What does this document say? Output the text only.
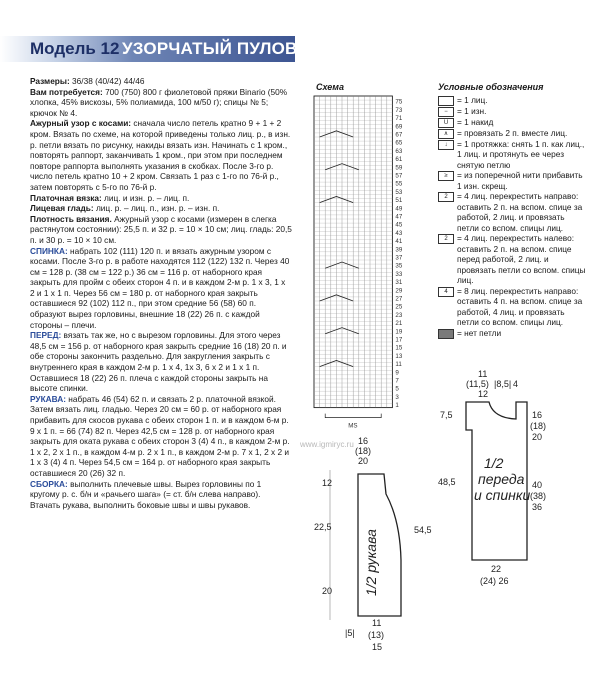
Модель 12 УЗОРЧАТЫЙ ПУЛОВЕР

Размеры: 36/38 (40/42) 44/46

Вам потребуется: 700 (750) 800 г фиолетовой пряжи Binario (50% хлопка, 45% вискозы, 5% полиамида, 100 м/50 г); спицы № 5; крючок № 4.

Ажурный узор с косами: сначала число петель кратно 9 + 1 + 2 кром. Вязать по схеме, на которой приведены только лиц. р., в изн. р. петли вязать по рисунку, накиды вязать изн. Начинать с 1 кром., повторять раппорт, заканчивать 1 кром., при этом при последнем повторе раппорта выполнять указания в скобках. После 3-го р. число петель кратно 10 + 2 кром. Связать 1 раз с 1-го по 76-й р., затем повторять с 5-го по 76-й р.

Платочная вязка: лиц. и изн. р. – лиц. п.

Лицевая гладь: лиц. р. – лиц. п., изн. р. – изн. п.

Плотность вязания. Ажурный узор с косами (измерен в слегка растянутом состоянии): 25,5 п. и 32 р. = 10 × 10 см; лиц. гладь: 20,5 п. и 30 р. = 10 × 10 см.

СПИНКА: набрать 102 (111) 120 п. и вязать ажурным узором с косами. После 3-го р. в работе находятся 112 (122) 132 п. Через 40 см = 128 р. (38 см = 122 р.) 36 см = 116 р. от наборного края закрыть для пройм с обеих сторон 4 п. и в каждом 2-м р. 1 х 3, 1 х 2 и 1 х 1 п. Через 56 см = 180 р. от наборного края закрыть оставшиеся 92 (102) 112 п., при этом средние 56 (58) 60 п. образуют вырез горловины, внешние 18 (22) 26 п. с каждой стороны – плечи.

ПЕРЕД: вязать так же, но с вырезом горловины. Для этого через 48,5 см = 156 р. от наборного края закрыть средние 16 (18) 20 п. и обе стороны закончить раздельно. Для закругления закрыть с внутреннего края в каждом 2-м р. 1 х 4, 1х 3, 6 х 2 и 1 х 1 п. Оставшиеся 18 (22) 26 п. плеча с каждой стороны закрыть на высоте спинки.

РУКАВА: набрать 46 (54) 62 п. и связать 2 р. платочной вязкой. Затем вязать лиц. гладью. Через 20 см = 60 р. от наборного края прибавить для скосов рукава с обеих сторон 1 п. и в каждом 6-м р. 9 х 1 п. = 66 (74) 82 п. Через 42,5 см = 128 р. от наборного края закрыть для оката рукава с обеих сторон 3 (4) 4 п., в каждом 2-м р. 1 х 2, 2 х 1 п., в каждом 4-м р. 2 х 1 п., в каждом 2-м р. 7 х 1, 2 х 2 и 1 х 3 (4) 4 п. Через 54,5 см = 164 р. от наборного края закрыть оставшиеся 20 (26) 32 п.

СБОРКА: выполнить плечевые швы. Вырез горловины по 1 кругому р. с. б/н и «рачьего шага» (= ст. б/н слева направо). Втачать рукава, выполнить боковые швы и швы рукавов.

Схема	Условные обозначения
= 1 лиц.
−	= 1 изн.
U	= 1 накид
∧	= провязать 2 п. вместе лиц.
↓	= 1 протяжка: снять 1 п. как лиц., 1 лиц. и протянуть ее через снятую петлю
≥	= из поперечной нити прибавить 1 изн. скрещ.
2	= 4 лиц. перекрестить направо: оставить 2 п. на вспом. спице за работой, 2 лиц. и провязать петли со вспом. спицы лиц.
2	= 4 лиц. перекрестить налево: оставить 2 п. на вспом. спице перед работой, 2 лиц. и провязать петли со вспом. спицы лиц.
4	= 8 лиц. перекрестить направо: оставить 4 п. на вспом. спице за работой, 4 лиц. и провязать петли со вспом. спицы лиц.
= нет петли
MS
75
73
71
69
67
65
63
61
59
57
55
53
51
49
47
45
43
41
39
37
35
33
31
29
27
25
23
21
19
17
15
13
11
9
7
5
3
1
16
(18)
20
12
22,5
20
54,5
1/2 рукава
|5|
11
(13)
15
11
(11,5)
12
|8,5| 4
7,5
48,5
16
(18)
20
40
(38)
36
1/2
переда
и спинки
22
(24) 26
www.igmiryc.ru
